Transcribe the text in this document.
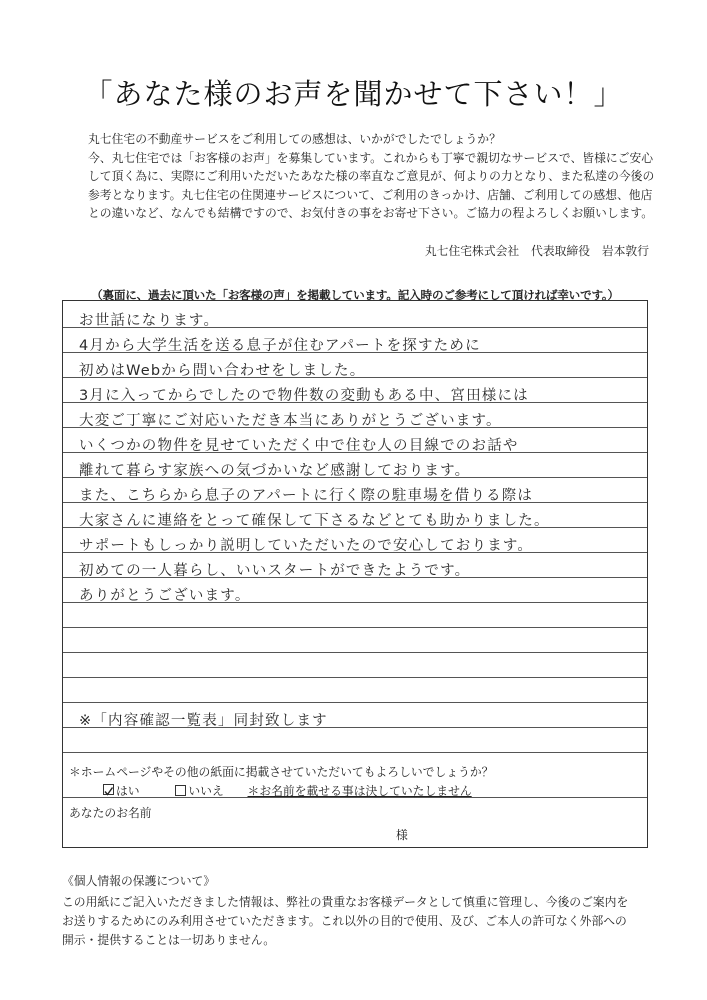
「あなた様のお声を聞かせて下さい！」
丸七住宅の不動産サービスをご利用しての感想は、いかがでしたでしょうか？
今、丸七住宅では「お客様のお声」を募集しています。これからも丁寧で親切なサービスで、皆様にご安心
して頂く為に、実際にご利用いただいたあなた様の率直なご意見が、何よりの力となり、また私達の今後の
参考となります。丸七住宅の住関連サービスについて、ご利用のきっかけ、店舗、ご利用しての感想、他店
との違いなど、なんでも結構ですので、お気付きの事をお寄せ下さい。ご協力の程よろしくお願いします。
丸七住宅株式会社　代表取締役　岩本敦行
（裏面に、過去に頂いた「お客様の声」を掲載しています。記入時のご参考にして頂ければ幸いです。）
お世話になります。
4月から大学生活を送る息子が住むアパートを探すために
初めはWebから問い合わせをしました。
3月に入ってからでしたので物件数の変動もある中、宮田様には
大変ご丁寧にご対応いただき本当にありがとうございます。
いくつかの物件を見せていただく中で住む人の目線でのお話や
離れて暮らす家族への気づかいなど感謝しております。
また、こちらから息子のアパートに行く際の駐車場を借りる際は
大家さんに連絡をとって確保して下さるなどとても助かりました。
サポートもしっかり説明していただいたので安心しております。
初めての一人暮らし、いいスタートができたようです。
ありがとうございます。
※「内容確認一覧表」同封致します
＊ホームページやその他の紙面に掲載させていただいてもよろしいでしょうか？
はい	いいえ ＊お名前を載せる事は決していたしません
あなたのお名前
様
《個人情報の保護について》
この用紙にご記入いただきました情報は、弊社の貴重なお客様データとして慎重に管理し、今後のご案内を
お送りするためにのみ利用させていただきます。これ以外の目的で使用、及び、ご本人の許可なく外部への
開示・提供することは一切ありません。
